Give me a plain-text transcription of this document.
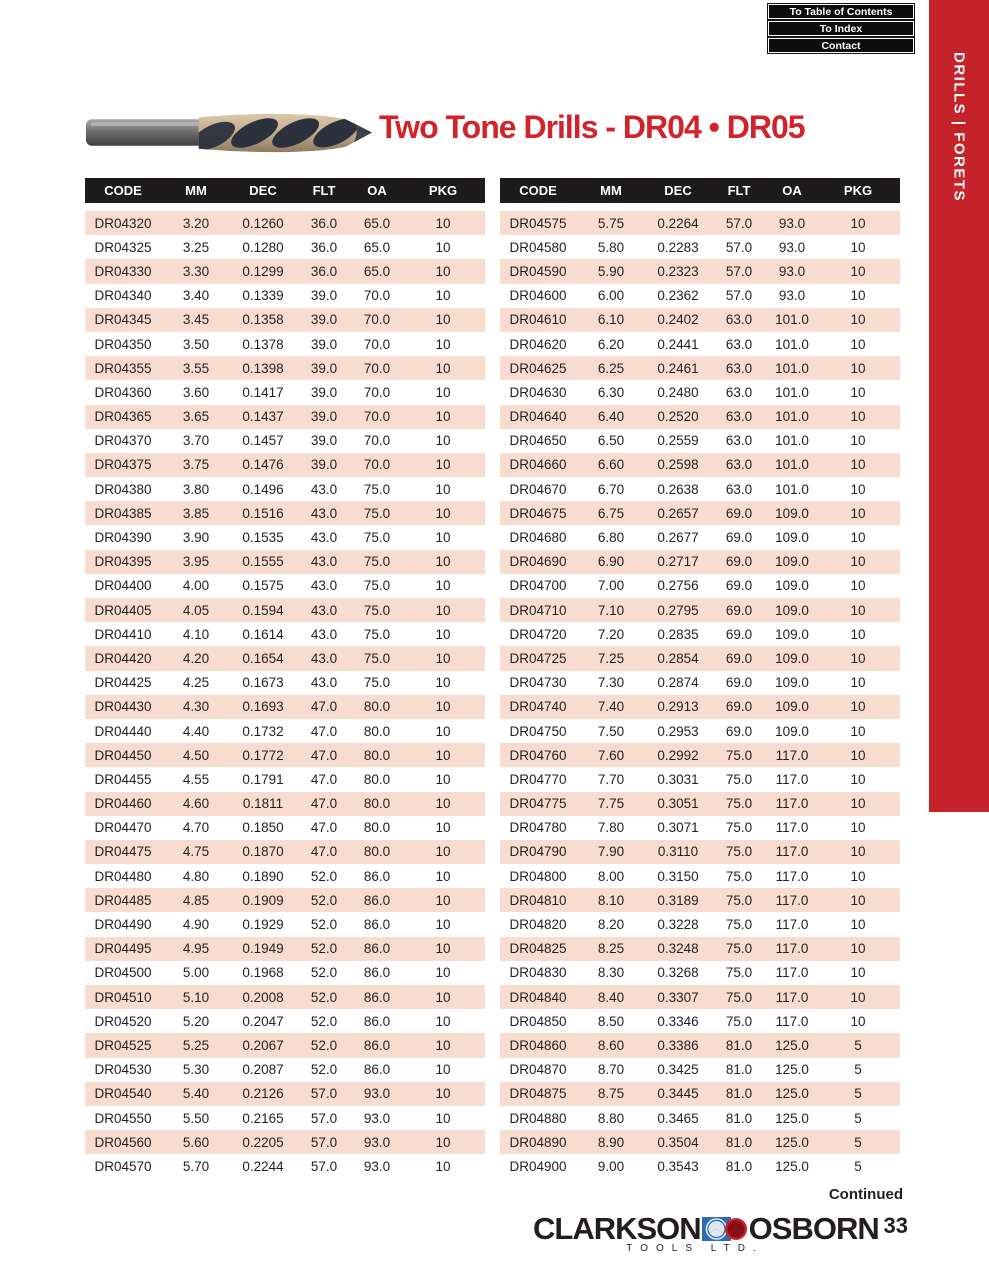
To Table of Contents
To Index
Contact
DRILLS | FORETS
Two Tone Drills - DR04 • DR05
CODE	MM	DEC	FLT	OA	PKG
DR04320	3.20	0.1260	36.0	65.0	10
DR04325	3.25	0.1280	36.0	65.0	10
DR04330	3.30	0.1299	36.0	65.0	10
DR04340	3.40	0.1339	39.0	70.0	10
DR04345	3.45	0.1358	39.0	70.0	10
DR04350	3.50	0.1378	39.0	70.0	10
DR04355	3.55	0.1398	39.0	70.0	10
DR04360	3.60	0.1417	39.0	70.0	10
DR04365	3.65	0.1437	39.0	70.0	10
DR04370	3.70	0.1457	39.0	70.0	10
DR04375	3.75	0.1476	39.0	70.0	10
DR04380	3.80	0.1496	43.0	75.0	10
DR04385	3.85	0.1516	43.0	75.0	10
DR04390	3.90	0.1535	43.0	75.0	10
DR04395	3.95	0.1555	43.0	75.0	10
DR04400	4.00	0.1575	43.0	75.0	10
DR04405	4.05	0.1594	43.0	75.0	10
DR04410	4.10	0.1614	43.0	75.0	10
DR04420	4.20	0.1654	43.0	75.0	10
DR04425	4.25	0.1673	43.0	75.0	10
DR04430	4.30	0.1693	47.0	80.0	10
DR04440	4.40	0.1732	47.0	80.0	10
DR04450	4.50	0.1772	47.0	80.0	10
DR04455	4.55	0.1791	47.0	80.0	10
DR04460	4.60	0.1811	47.0	80.0	10
DR04470	4.70	0.1850	47.0	80.0	10
DR04475	4.75	0.1870	47.0	80.0	10
DR04480	4.80	0.1890	52.0	86.0	10
DR04485	4.85	0.1909	52.0	86.0	10
DR04490	4.90	0.1929	52.0	86.0	10
DR04495	4.95	0.1949	52.0	86.0	10
DR04500	5.00	0.1968	52.0	86.0	10
DR04510	5.10	0.2008	52.0	86.0	10
DR04520	5.20	0.2047	52.0	86.0	10
DR04525	5.25	0.2067	52.0	86.0	10
DR04530	5.30	0.2087	52.0	86.0	10
DR04540	5.40	0.2126	57.0	93.0	10
DR04550	5.50	0.2165	57.0	93.0	10
DR04560	5.60	0.2205	57.0	93.0	10
DR04570	5.70	0.2244	57.0	93.0	10
CODE	MM	DEC	FLT	OA	PKG
DR04575	5.75	0.2264	57.0	93.0	10
DR04580	5.80	0.2283	57.0	93.0	10
DR04590	5.90	0.2323	57.0	93.0	10
DR04600	6.00	0.2362	57.0	93.0	10
DR04610	6.10	0.2402	63.0	101.0	10
DR04620	6.20	0.2441	63.0	101.0	10
DR04625	6.25	0.2461	63.0	101.0	10
DR04630	6.30	0.2480	63.0	101.0	10
DR04640	6.40	0.2520	63.0	101.0	10
DR04650	6.50	0.2559	63.0	101.0	10
DR04660	6.60	0.2598	63.0	101.0	10
DR04670	6.70	0.2638	63.0	101.0	10
DR04675	6.75	0.2657	69.0	109.0	10
DR04680	6.80	0.2677	69.0	109.0	10
DR04690	6.90	0.2717	69.0	109.0	10
DR04700	7.00	0.2756	69.0	109.0	10
DR04710	7.10	0.2795	69.0	109.0	10
DR04720	7.20	0.2835	69.0	109.0	10
DR04725	7.25	0.2854	69.0	109.0	10
DR04730	7.30	0.2874	69.0	109.0	10
DR04740	7.40	0.2913	69.0	109.0	10
DR04750	7.50	0.2953	69.0	109.0	10
DR04760	7.60	0.2992	75.0	117.0	10
DR04770	7.70	0.3031	75.0	117.0	10
DR04775	7.75	0.3051	75.0	117.0	10
DR04780	7.80	0.3071	75.0	117.0	10
DR04790	7.90	0.3110	75.0	117.0	10
DR04800	8.00	0.3150	75.0	117.0	10
DR04810	8.10	0.3189	75.0	117.0	10
DR04820	8.20	0.3228	75.0	117.0	10
DR04825	8.25	0.3248	75.0	117.0	10
DR04830	8.30	0.3268	75.0	117.0	10
DR04840	8.40	0.3307	75.0	117.0	10
DR04850	8.50	0.3346	75.0	117.0	10
DR04860	8.60	0.3386	81.0	125.0	5
DR04870	8.70	0.3425	81.0	125.0	5
DR04875	8.75	0.3445	81.0	125.0	5
DR04880	8.80	0.3465	81.0	125.0	5
DR04890	8.90	0.3504	81.0	125.0	5
DR04900	9.00	0.3543	81.0	125.0	5
Continued
CLARKSON OSBORN
TOOLS LTD.
33
